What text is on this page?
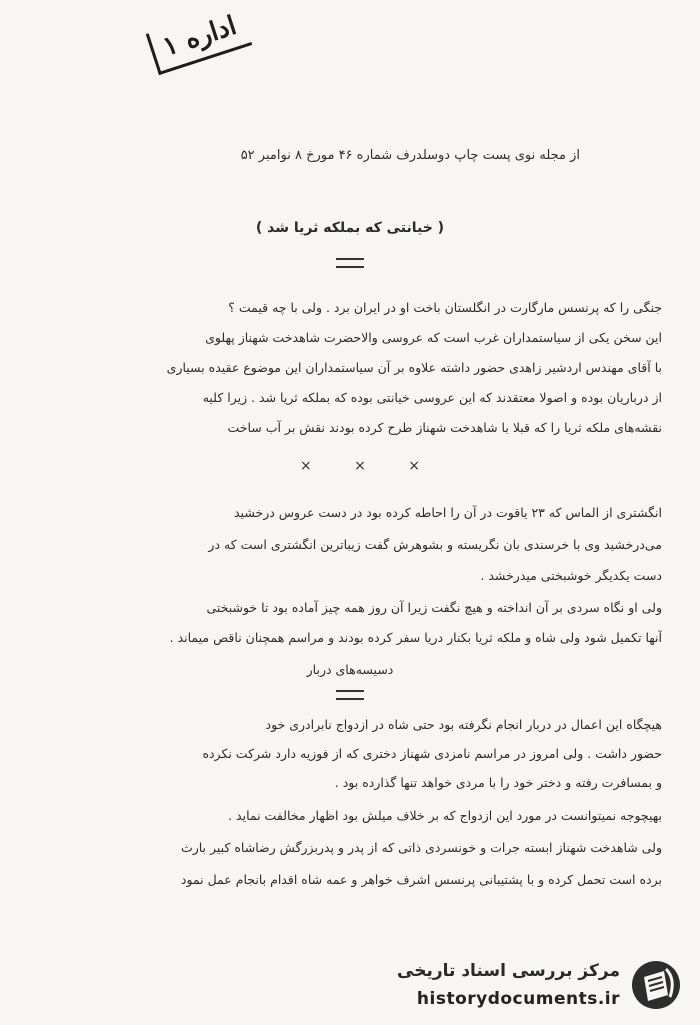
اداره ۱
از مجله نوی پست چاپ دوسلدرف شماره ۴۶ مورخ ۸ نوامبر ۵۲
( خیانتی که بملکه ثریا شد )
جنگی را که پرنسس مارگارت در انگلستان باخت او در ایران برد . ولی با چه قیمت ؟
این سخن یکی از سیاستمداران غرب است که عروسی والاحضرت شاهدخت شهناز پهلوی
با آقای مهندس اردشیر زاهدی حضور داشته علاوه بر آن سیاستمداران این موضوع عقیده بسیاری
از درباریان بوده و اصولا معتقدند که این عروسی خیانتی بوده که بملکه ثریا شد . زیرا کلیه
نقشه‌های ملکه ثریا را که قبلا با شاهدخت شهناز طرح کرده بودند نقش بر آب ساخت
×	×	×
انگشتری از الماس که ۲۳ یاقوت در آن را احاطه کرده بود در دست عروس درخشید
می‌درخشید وی با خرسندی بان نگریسته و بشوهرش گفت زیباترین انگشتری است که در
دست یکدیگر خوشبختی میدرخشد .
ولی او نگاه سردی بر آن انداخته و هیچ نگفت زیرا آن روز همه چیز آماده بود تا خوشبختی
آنها تکمیل شود ولی شاه و ملکه ثریا بکنار دریا سفر کرده بودند و مراسم همچنان ناقص میماند .
دسیسه‌های دربار
هیچگاه این اعمال در دربار انجام نگرفته بود حتی شاه در ازدواج نابرادری خود
حضور داشت . ولی امروز در مراسم نامزدی شهناز دختری که از فوزیه دارد شرکت نکرده
و بمسافرت رفته و دختر خود را با مردی خواهد تنها گذارده بود .
بهیچوجه نمیتوانست در مورد این ازدواج که بر خلاف میلش بود اظهار مخالفت نماید .
ولی شاهدخت شهناز ابسته جرات و خونسردی ذاتی که از پدر و پدربزرگش رضاشاه کبیر بارث
برده است تحمل کرده و با پشتیبانی پرنسس اشرف خواهر و عمه شاه اقدام بانجام عمل نمود
مرکز بررسی اسناد تاریخی
historydocuments.ir
